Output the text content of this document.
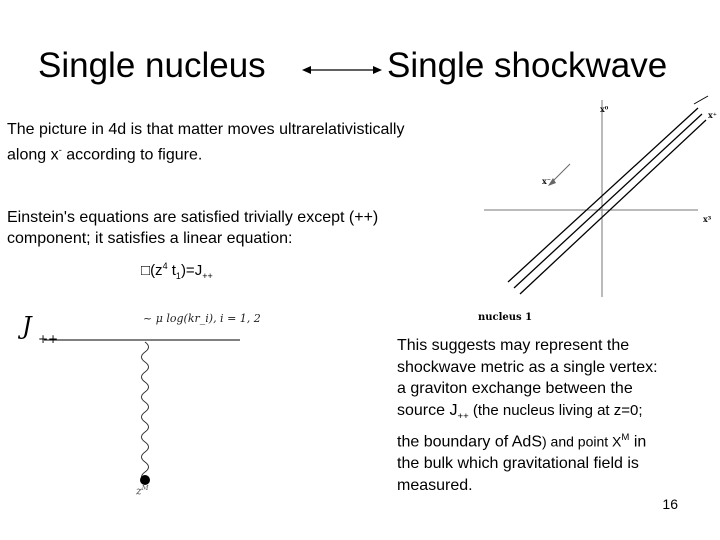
Single nucleus	Single shockwave
The picture in 4d is that matter moves ultrarelativistically
along x- according to figure.
Einstein's equations are satisfied trivially except (++)
component; it satisfies a linear equation:
$□(z^4$ $t_1)=J_{++}$
J ++
~ μ log(kr_i), i = 1, 2
$z^M$
x⁰
x⁺
x⁻
x³
nucleus 1
This suggests may represent the
shockwave metric as a single vertex:
a graviton exchange between the
source $J_{++}$ (the nucleus living at z=0;
the boundary of AdS) and point $X^M$ in
the bulk which gravitational field is
measured.
16
